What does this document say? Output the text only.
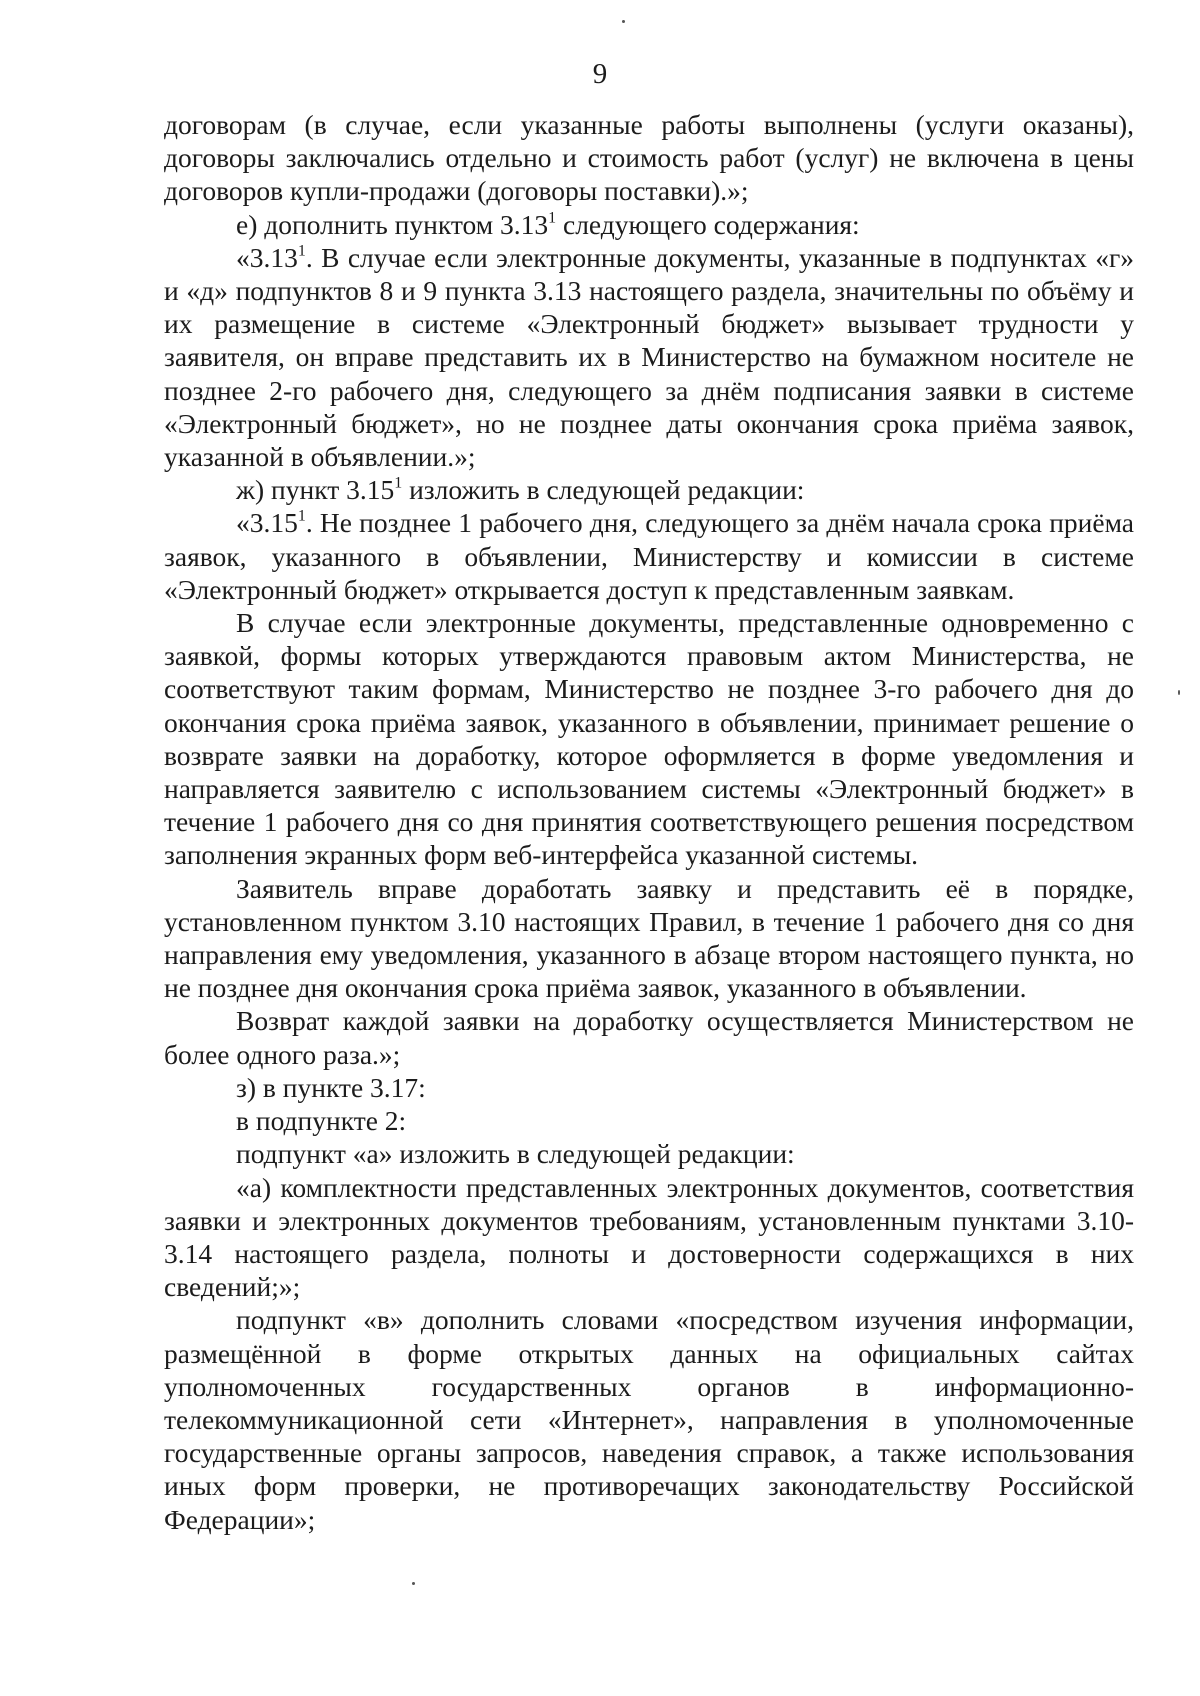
9

договорам (в случае, если указанные работы выполнены (услуги оказаны), договоры заключались отдельно и стоимость работ (услуг) не включена в цены договоров купли-продажи (договоры поставки).»;

е) дополнить пунктом 3.13$^1$ следующего содержания:

«3.13$^1$. В случае если электронные документы, указанные в подпунктах «г» и «д» подпунктов 8 и 9 пункта 3.13 настоящего раздела, значительны по объёму и их размещение в системе «Электронный бюджет» вызывает трудности у заявителя, он вправе представить их в Министерство на бумажном носителе не позднее 2-го рабочего дня, следующего за днём подписания заявки в системе «Электронный бюджет», но не позднее даты окончания срока приёма заявок, указанной в объявлении.»;

ж) пункт 3.15$^1$ изложить в следующей редакции:

«3.15$^1$. Не позднее 1 рабочего дня, следующего за днём начала срока приёма заявок, указанного в объявлении, Министерству и комиссии в системе «Электронный бюджет» открывается доступ к представленным заявкам.

В случае если электронные документы, представленные одновременно с заявкой, формы которых утверждаются правовым актом Министерства, не соответствуют таким формам, Министерство не позднее 3-го рабочего дня до окончания срока приёма заявок, указанного в объявлении, принимает решение о возврате заявки на доработку, которое оформляется в форме уведомления и направляется заявителю с использованием системы «Электронный бюджет» в течение 1 рабочего дня со дня принятия соответствующего решения посредством заполнения экранных форм веб-интерфейса указанной системы.

Заявитель вправе доработать заявку и представить её в порядке, установленном пунктом 3.10 настоящих Правил, в течение 1 рабочего дня со дня направления ему уведомления, указанного в абзаце втором настоящего пункта, но не позднее дня окончания срока приёма заявок, указанного в объявлении.

Возврат каждой заявки на доработку осуществляется Министерством не более одного раза.»;

з) в пункте 3.17:

в подпункте 2:

подпункт «а» изложить в следующей редакции:

«а) комплектности представленных электронных документов, соответствия заявки и электронных документов требованиям, установленным пунктами 3.10-3.14 настоящего раздела, полноты и достоверности содержащихся в них сведений;»;

подпункт «в» дополнить словами «посредством изучения информации, размещённой в форме открытых данных на официальных сайтах уполномоченных государственных органов в информационно-телекоммуникационной сети «Интернет», направления в уполномоченные государственные органы запросов, наведения справок, а также использования иных форм проверки, не противоречащих законодательству Российской Федерации»;
